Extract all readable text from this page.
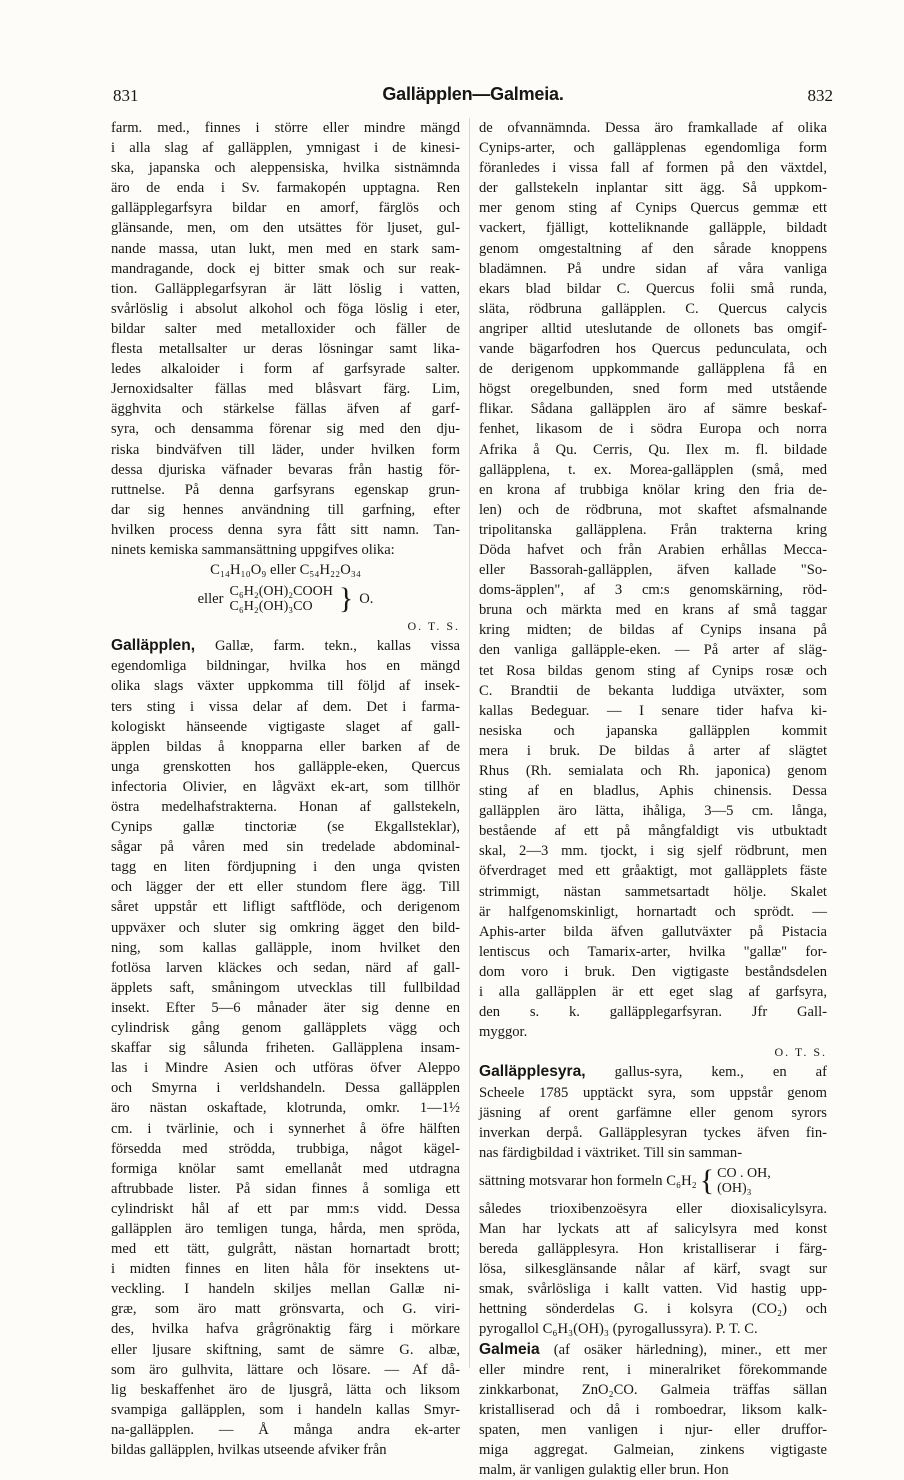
831	Galläpplen—Galmeia.	832
farm. med., finnes i större eller mindre mängd
i alla slag af galläpplen, ymnigast i de kinesi-
ska, japanska och aleppensiska, hvilka sistnämnda
äro de enda i Sv. farmakopén upptagna. Ren
galläpplegarfsyra bildar en amorf, färglös och
glänsande, men, om den utsättes för ljuset, gul-
nande massa, utan lukt, men med en stark sam-
mandragande, dock ej bitter smak och sur reak-
tion. Galläpplegarfsyran är lätt löslig i vatten,
svårlöslig i absolut alkohol och föga löslig i eter,
bildar salter med metalloxider och fäller de
flesta metallsalter ur deras lösningar samt lika-
ledes alkaloider i form af garfsyrade salter.
Jernoxidsalter fällas med blåsvart färg. Lim,
ägghvita och stärkelse fällas äfven af garf-
syra, och densamma förenar sig med den dju-
riska bindväfven till läder, under hvilken form
dessa djuriska väfnader bevaras från hastig för-
ruttnelse. På denna garfsyrans egenskap grun-
dar sig hennes användning till garfning, efter
hvilken process denna syra fått sitt namn. Tan-
ninets kemiska sammansättning uppgifves olika:
C₁₄H₁₀O₉ eller C₅₄H₂₂O₃₄
eller C₆H₂(OH)₂COOH
C₆H₂(OH)₃CO } O.
O. T. S.
Galläpplen, Gallæ, farm. tekn., kallas vissa
egendomliga bildningar, hvilka hos en mängd
olika slags växter uppkomma till följd af insek-
ters sting i vissa delar af dem. Det i farma-
kologiskt hänseende vigtigaste slaget af gall-
äpplen bildas å knopparna eller barken af de
unga grenskotten hos galläpple-eken, Quercus
infectoria Olivier, en lågväxt ek-art, som tillhör
östra medelhafstrakterna. Honan af gallstekeln,
Cynips gallæ tinctoriæ (se Ekgallsteklar),
sågar på våren med sin tredelade abdominal-
tagg en liten fördjupning i den unga qvisten
och lägger der ett eller stundom flere ägg. Till
såret uppstår ett lifligt saftflöde, och derigenom
uppväxer och sluter sig omkring ägget den bild-
ning, som kallas galläpple, inom hvilket den
fotlösa larven kläckes och sedan, närd af gall-
äpplets saft, småningom utvecklas till fullbildad
insekt. Efter 5—6 månader äter sig denne en
cylindrisk gång genom galläpplets vägg och
skaffar sig sålunda friheten. Galläpplena insam-
las i Mindre Asien och utföras öfver Aleppo
och Smyrna i verldshandeln. Dessa galläpplen
äro nästan oskaftade, klotrunda, omkr. 1—1½
cm. i tvärlinie, och i synnerhet å öfre hälften
försedda med strödda, trubbiga, något kägel-
formiga knölar samt emellanåt med utdragna
aftrubbade lister. På sidan finnes å somliga ett
cylindriskt hål af ett par mm:s vidd. Dessa
galläpplen äro temligen tunga, hårda, men spröda,
med ett tätt, gulgrått, nästan hornartadt brott;
i midten finnes en liten håla för insektens ut-
veckling. I handeln skiljes mellan Gallæ ni-
græ, som äro matt grönsvarta, och G. viri-
des, hvilka hafva grågrönaktig färg i mörkare
eller ljusare skiftning, samt de sämre G. albæ,
som äro gulhvita, lättare och lösare. — Af då-
lig beskaffenhet äro de ljusgrå, lätta och liksom
svampiga galläpplen, som i handeln kallas Smyr-
na-galläpplen. — Å många andra ek-arter
bildas galläpplen, hvilkas utseende afviker från
de ofvannämnda. Dessa äro framkallade af olika
Cynips-arter, och galläpplenas egendomliga form
föranledes i vissa fall af formen på den växtdel,
der gallstekeln inplantar sitt ägg. Så uppkom-
mer genom sting af Cynips Quercus gemmæ ett
vackert, fjälligt, kotteliknande galläpple, bildadt
genom omgestaltning af den sårade knoppens
bladämnen. På undre sidan af våra vanliga
ekars blad bildar C. Quercus folii små runda,
släta, rödbruna galläpplen. C. Quercus calycis
angriper alltid uteslutande de ollonets bas omgif-
vande bägarfodren hos Quercus pedunculata, och
de derigenom uppkommande galläpplena få en
högst oregelbunden, sned form med utstående
flikar. Sådana galläpplen äro af sämre beskaf-
fenhet, likasom de i södra Europa och norra
Afrika å Qu. Cerris, Qu. Ilex m. fl. bildade
galläpplena, t. ex. Morea-galläpplen (små, med
en krona af trubbiga knölar kring den fria de-
len) och de rödbruna, mot skaftet afsmalnande
tripolitanska galläpplena. Från trakterna kring
Döda hafvet och från Arabien erhållas Mecca-
eller Bassorah-galläpplen, äfven kallade "So-
doms-äpplen", af 3 cm:s genomskärning, röd-
bruna och märkta med en krans af små taggar
kring midten; de bildas af Cynips insana på
den vanliga galläpple-eken. — På arter af släg-
tet Rosa bildas genom sting af Cynips rosæ och
C. Brandtii de bekanta luddiga utväxter, som
kallas Bedeguar. — I senare tider hafva ki-
nesiska och japanska galläpplen kommit
mera i bruk. De bildas å arter af slägtet
Rhus (Rh. semialata och Rh. japonica) genom
sting af en bladlus, Aphis chinensis. Dessa
galläpplen äro lätta, ihåliga, 3—5 cm. långa,
bestående af ett på mångfaldigt vis utbuktadt
skal, 2—3 mm. tjockt, i sig sjelf rödbrunt, men
öfverdraget med ett gråaktigt, mot galläpplets fäste
strimmigt, nästan sammetsartadt hölje. Skalet
är halfgenomskinligt, hornartadt och sprödt. —
Aphis-arter bilda äfven gallutväxter på Pistacia
lentiscus och Tamarix-arter, hvilka "gallæ" for-
dom voro i bruk. Den vigtigaste beståndsdelen
i alla galläpplen är ett eget slag af garfsyra,
den s. k. galläpplegarfsyran. Jfr Gall-
myggor.
O. T. S.
Galläpplesyra, gallus-syra, kem., en af
Scheele 1785 upptäckt syra, som uppstår genom
jäsning af orent garfämne eller genom syrors
inverkan derpå. Galläpplesyran tyckes äfven fin-
nas färdigbildad i växtriket. Till sin samman-
sättning motsvarar hon formeln C₆H₂ { CO . OH,
(OH)₃
således trioxibenzoësyra eller dioxisalicylsyra.
Man har lyckats att af salicylsyra med konst
bereda galläpplesyra. Hon kristalliserar i färg-
lösa, silkesglänsande nålar af kärf, svagt sur
smak, svårlösliga i kallt vatten. Vid hastig upp-
hettning sönderdelas G. i kolsyra (CO₂) och
pyrogallol C₆H₃(OH)₃ (pyrogallussyra). P. T. C.
Galmeia (af osäker härledning), miner., ett mer
eller mindre rent, i mineralriket förekommande
zinkkarbonat, ZnO₂CO. Galmeia träffas sällan
kristalliserad och då i romboedrar, liksom kalk-
spaten, men vanligen i njur- eller druffor-
miga aggregat. Galmeian, zinkens vigtigaste
malm, är vanligen gulaktig eller brun. Hon
